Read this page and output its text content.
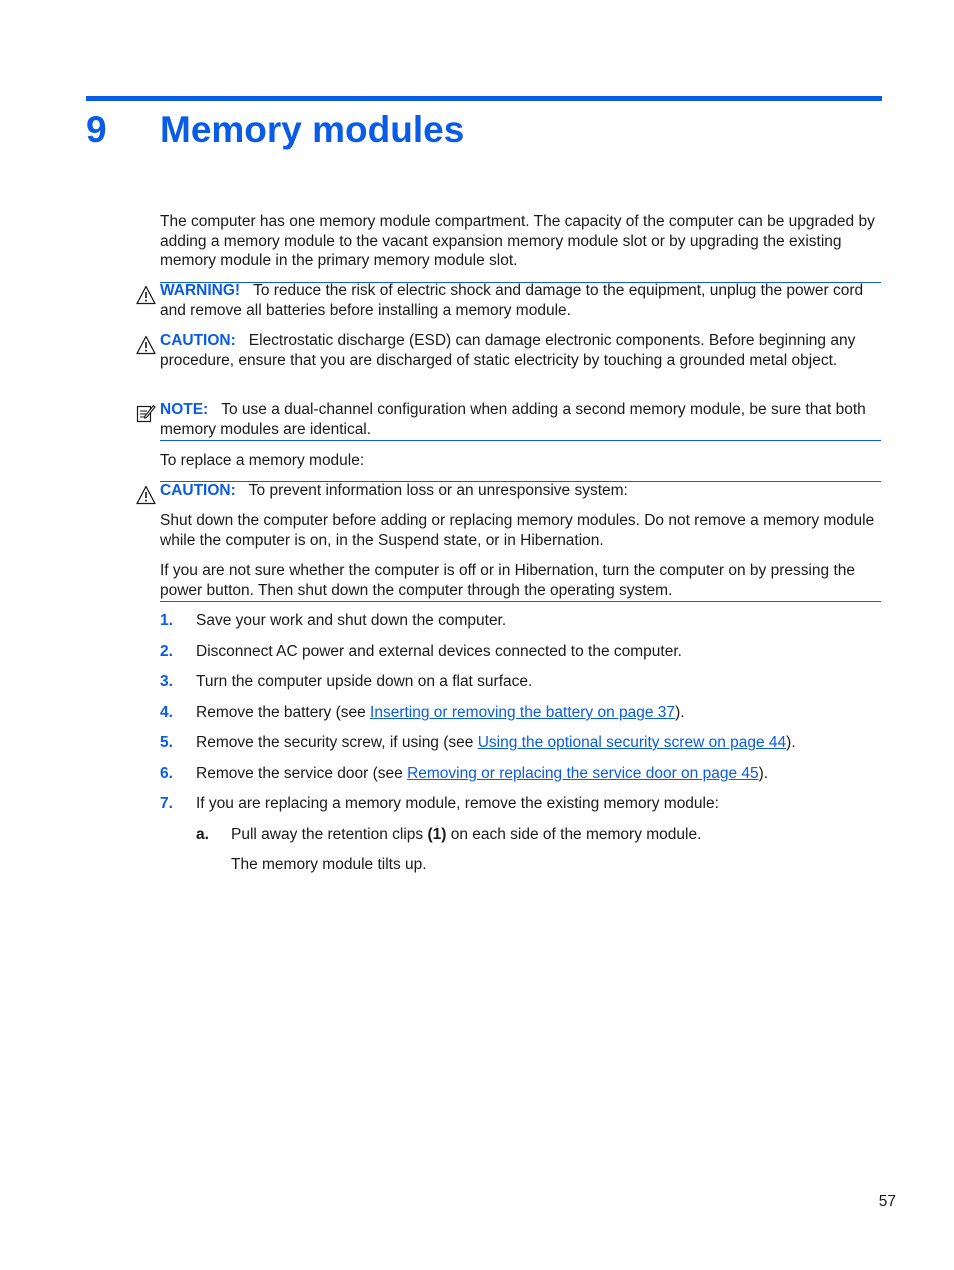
9 Memory modules

The computer has one memory module compartment. The capacity of the computer can be upgraded by adding a memory module to the vacant expansion memory module slot or by upgrading the existing memory module in the primary memory module slot.

WARNING! To reduce the risk of electric shock and damage to the equipment, unplug the power cord and remove all batteries before installing a memory module.

CAUTION: Electrostatic discharge (ESD) can damage electronic components. Before beginning any procedure, ensure that you are discharged of static electricity by touching a grounded metal object.

NOTE: To use a dual-channel configuration when adding a second memory module, be sure that both memory modules are identical.

To replace a memory module:

CAUTION: To prevent information loss or an unresponsive system:

Shut down the computer before adding or replacing memory modules. Do not remove a memory module while the computer is on, in the Suspend state, or in Hibernation.

If you are not sure whether the computer is off or in Hibernation, turn the computer on by pressing the power button. Then shut down the computer through the operating system.

1. Save your work and shut down the computer.
2. Disconnect AC power and external devices connected to the computer.
3. Turn the computer upside down on a flat surface.
4. Remove the battery (see Inserting or removing the battery on page 37).
5. Remove the security screw, if using (see Using the optional security screw on page 44).
6. Remove the service door (see Removing or replacing the service door on page 45).
7. If you are replacing a memory module, remove the existing memory module:
a. Pull away the retention clips (1) on each side of the memory module.
The memory module tilts up.
57
